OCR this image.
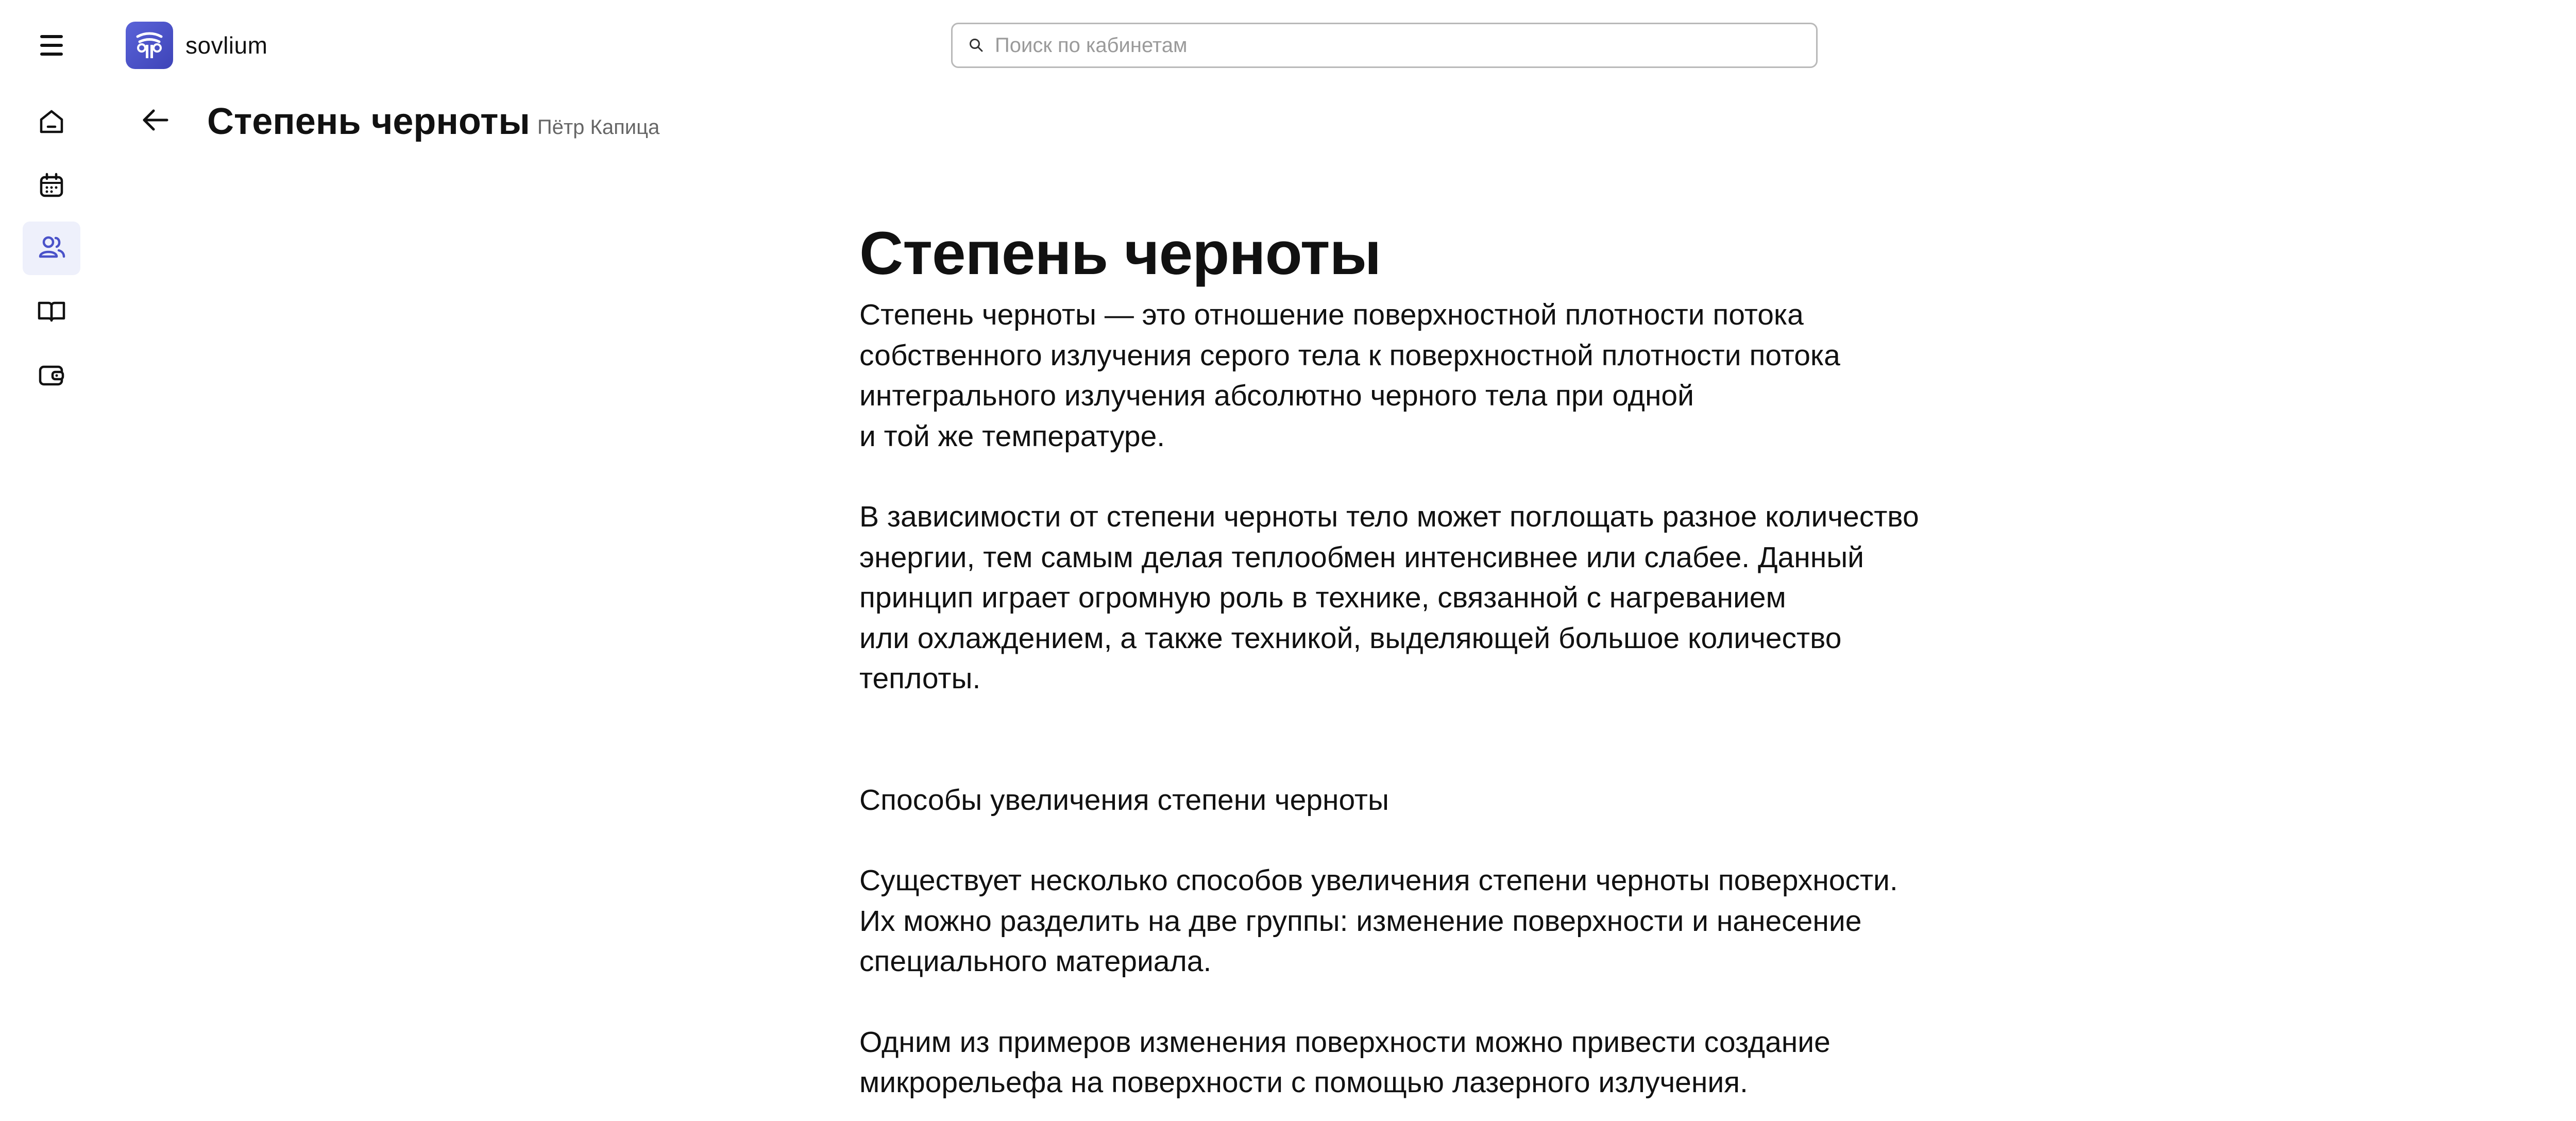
sovlium
Поиск по кабинетам
Степень черноты Пётр Капица
Степень черноты

Степень черноты — это отношение поверхностной плотности потока

собственного излучения серого тела к поверхностной плотности потока

интегрального излучения абсолютно черного тела при одной

и той же температуре.

В зависимости от степени черноты тело может поглощать разное количество

энергии, тем самым делая теплообмен интенсивнее или слабее. Данный

принцип играет огромную роль в технике, связанной с нагреванием

или охлаждением, а также техникой, выделяющей большое количество

теплоты.

Способы увеличения степени черноты

Существует несколько способов увеличения степени черноты поверхности.

Их можно разделить на две группы: изменение поверхности и нанесение

специального материала.

Одним из примеров изменения поверхности можно привести создание

микрорельефа на поверхности с помощью лазерного излучения.
